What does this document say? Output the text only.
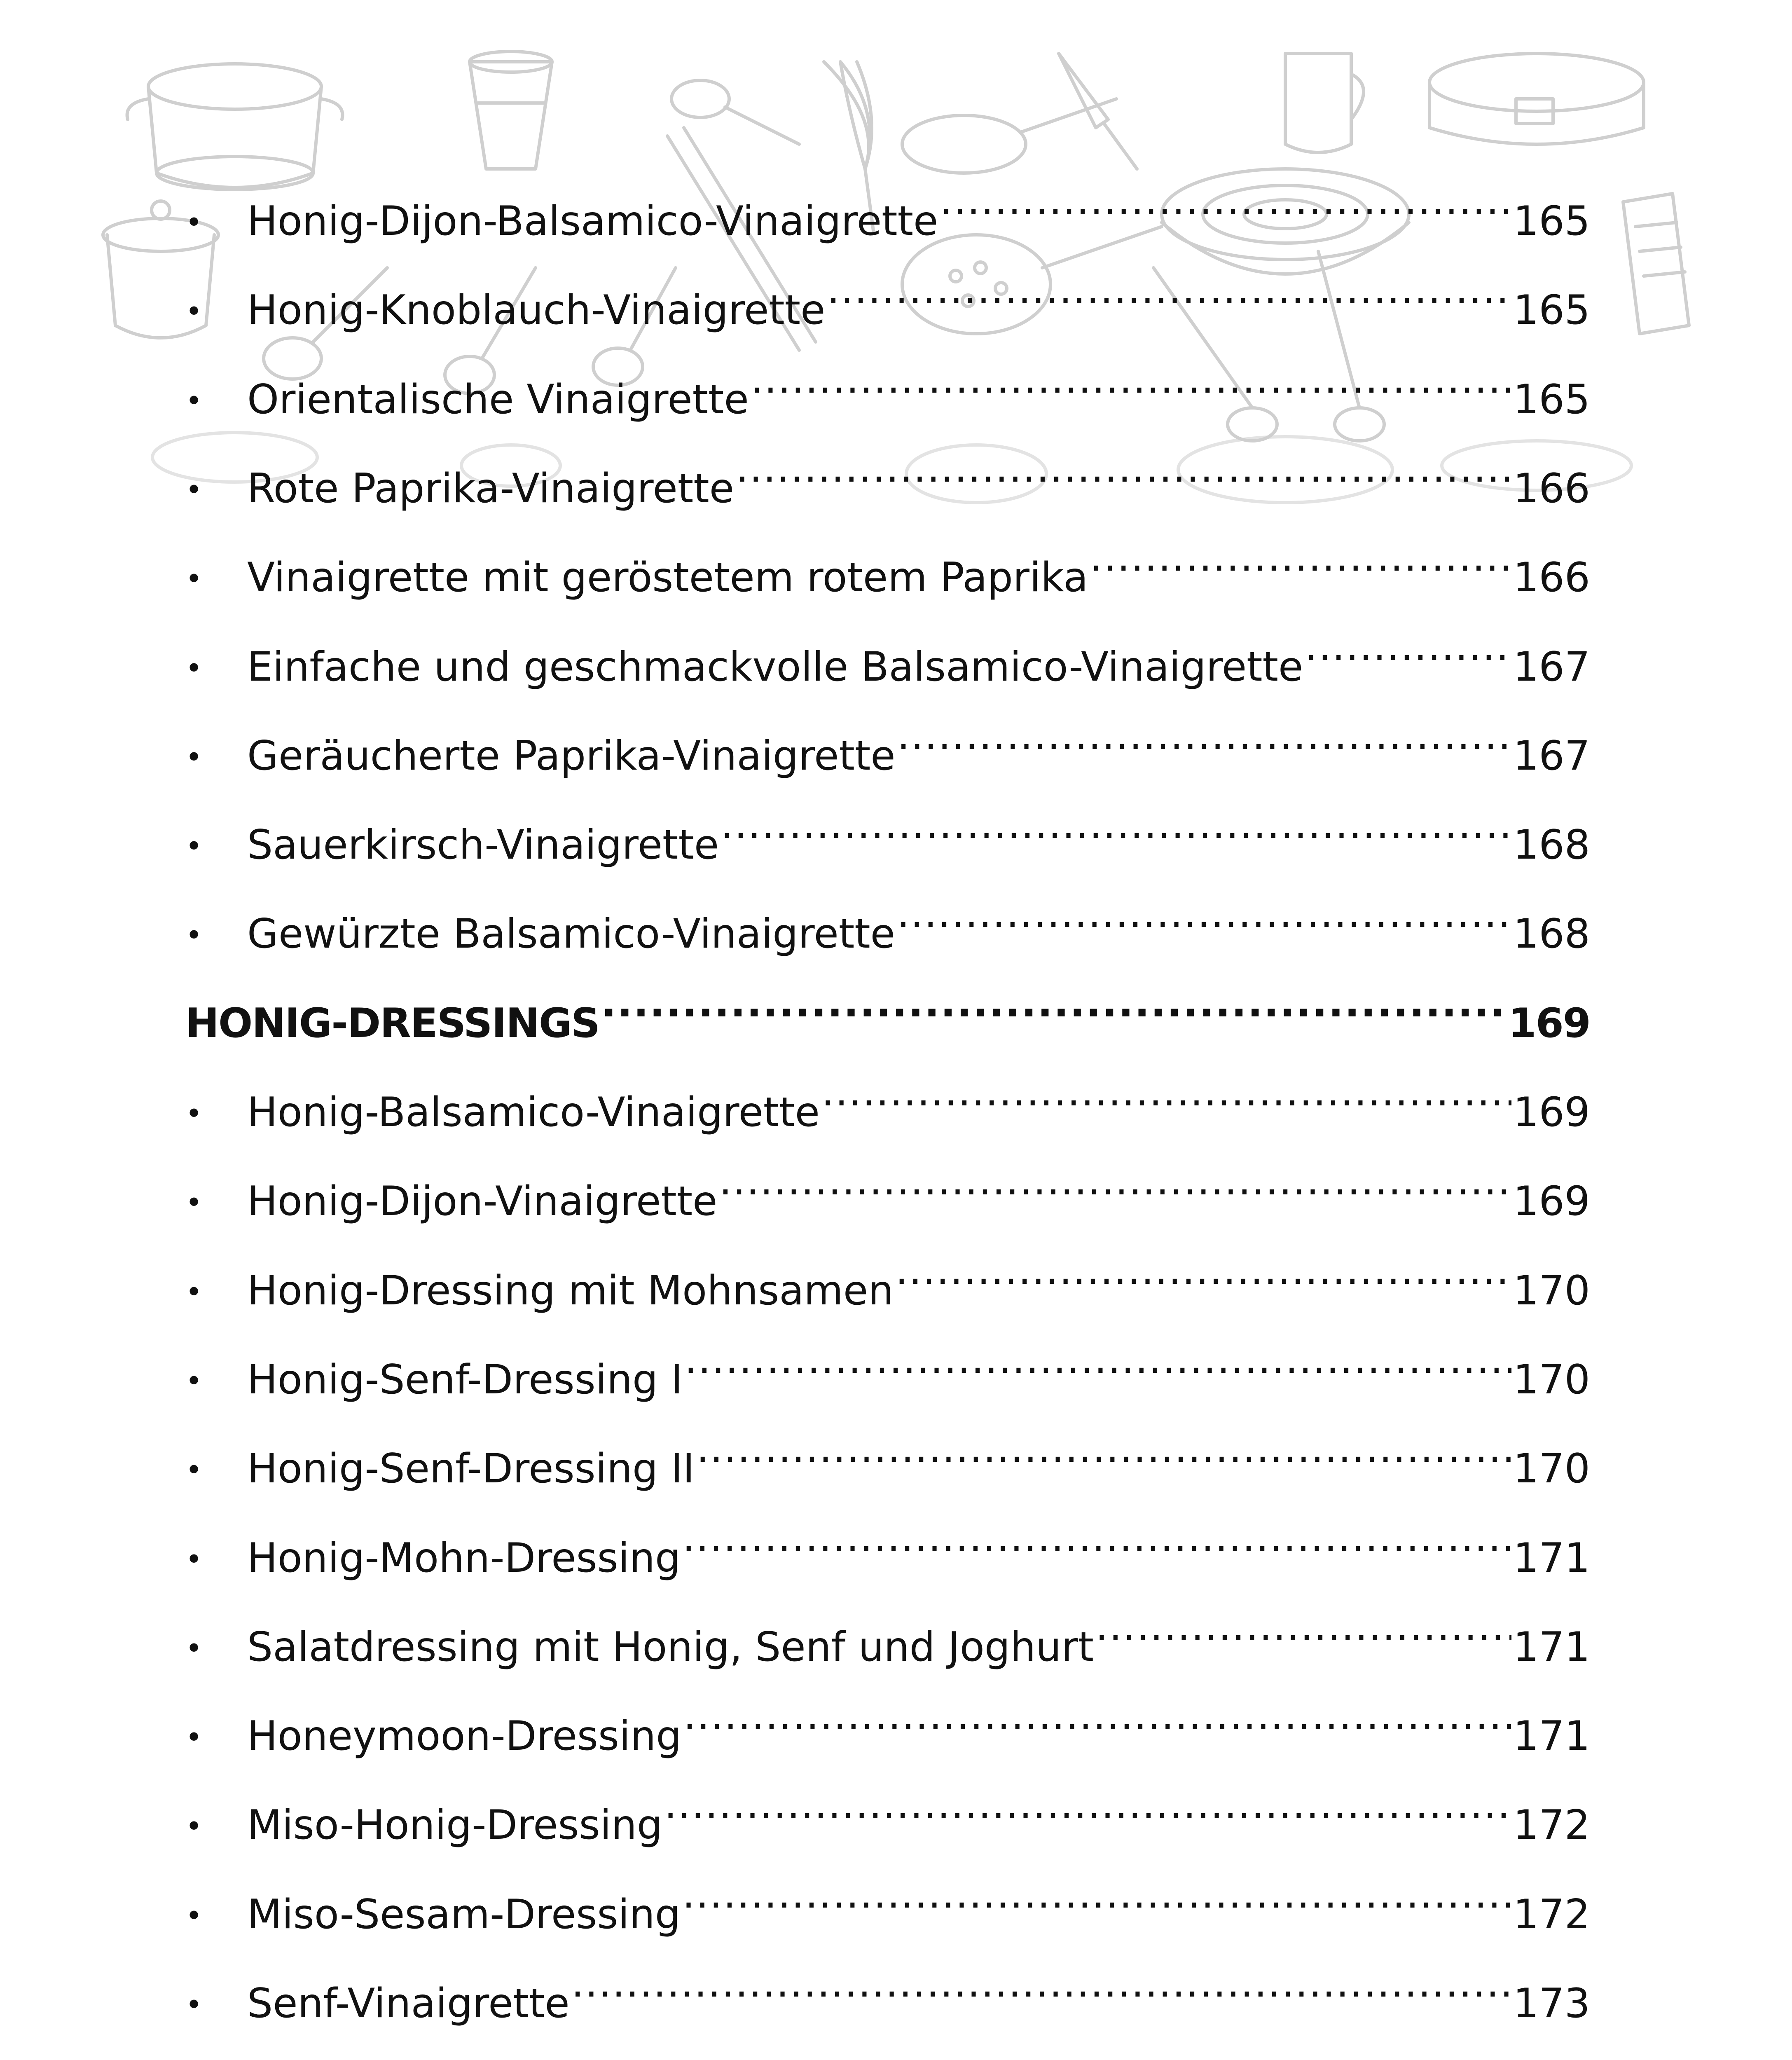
•	Honig-Dijon-Balsamico-Vinaigrette .....	165
•	Honig-Knoblauch-Vinaigrette .....	165
•	Orientalische Vinaigrette .....	165
•	Rote Paprika-Vinaigrette .....	166
•	Vinaigrette mit geröstetem rotem Paprika .....	166
•	Einfache und geschmackvolle Balsamico-Vinaigrette .....	167
•	Geräucherte Paprika-Vinaigrette .....	167
•	Sauerkirsch-Vinaigrette .....	168
•	Gewürzte Balsamico-Vinaigrette .....	168
HONIG-DRESSINGS .....	169
•	Honig-Balsamico-Vinaigrette .....	169
•	Honig-Dijon-Vinaigrette .....	169
•	Honig-Dressing mit Mohnsamen .....	170
•	Honig-Senf-Dressing I .....	170
•	Honig-Senf-Dressing II .....	170
•	Honig-Mohn-Dressing .....	171
•	Salatdressing mit Honig, Senf und Joghurt .....	171
•	Honeymoon-Dressing .....	171
•	Miso-Honig-Dressing .....	172
•	Miso-Sesam-Dressing .....	172
•	Senf-Vinaigrette .....	173
.....
